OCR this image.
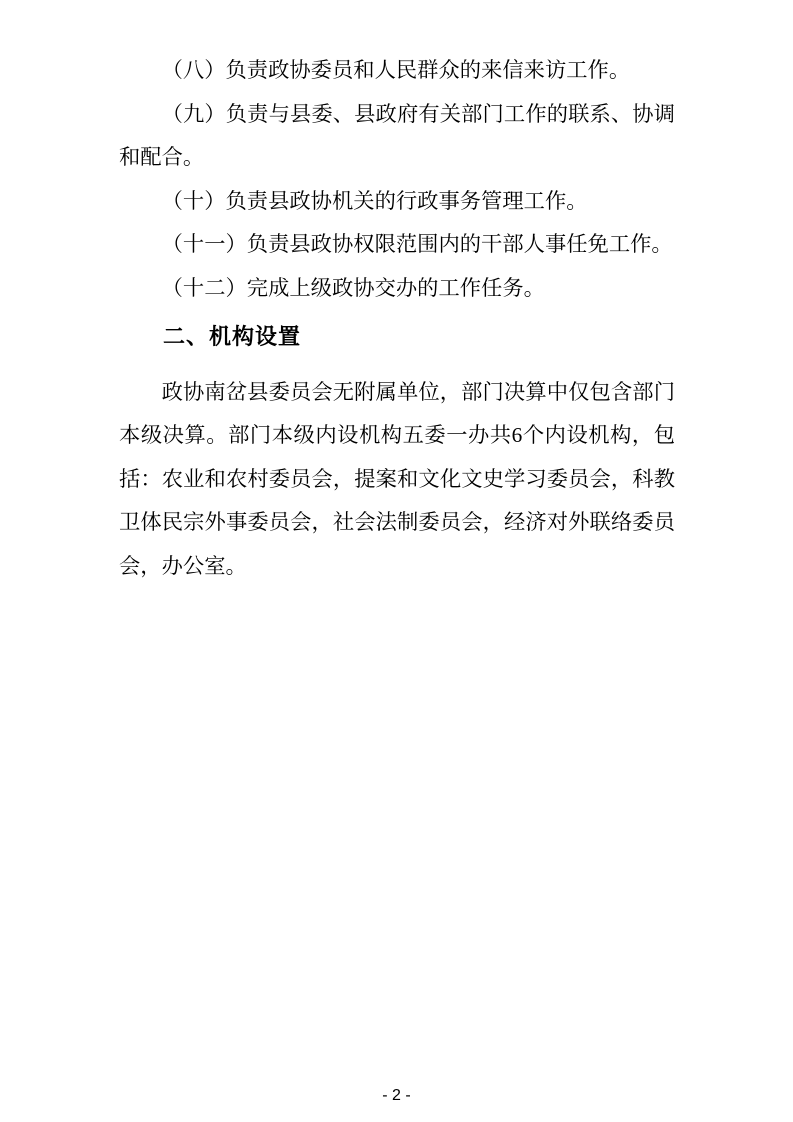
（八）负责政协委员和人民群众的来信来访工作。

（九）负责与县委、县政府有关部门工作的联系、协调

和配合。

（十）负责县政协机关的行政事务管理工作。

（十一）负责县政协权限范围内的干部人事任免工作。

（十二）完成上级政协交办的工作任务。

二、机构设置

政协南岔县委员会无附属单位，部门决算中仅包含部门

本级决算。部门本级内设机构五委一办共6个内设机构，包

括：农业和农村委员会，提案和文化文史学习委员会，科教

卫体民宗外事委员会，社会法制委员会，经济对外联络委员

会，办公室。

- 2 -
